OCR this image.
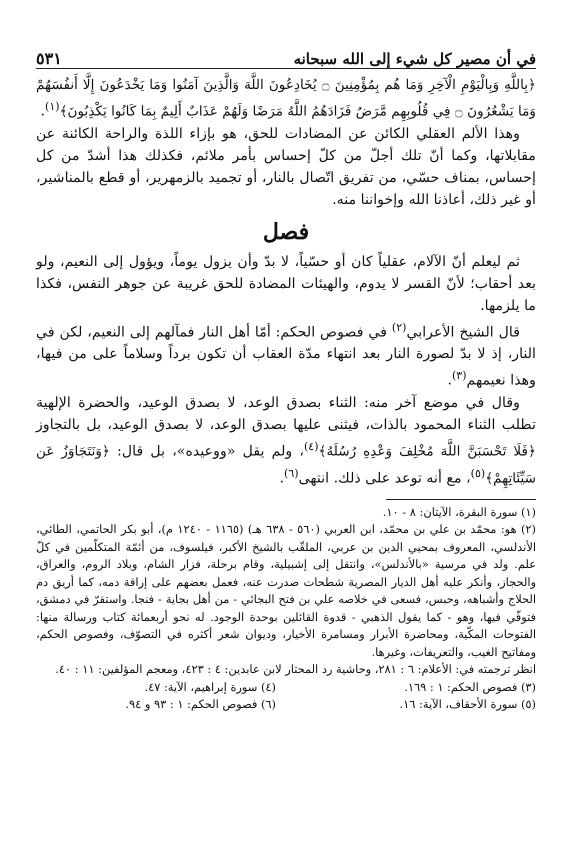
في أن مصير كل شيء إلى الله سبحانه
٥٣١

﴿بِاللَّهِ وَبِالْيَوْمِ الْآخِرِ وَمَا هُم بِمُؤْمِنِينَ ۝ يُخَادِعُونَ اللَّهَ وَالَّذِينَ آمَنُوا وَمَا يَخْدَعُونَ إِلَّا أَنفُسَهُمْ وَمَا يَشْعُرُونَ ۝ فِي قُلُوبِهِم مَّرَضٌ فَزَادَهُمُ اللَّهُ مَرَضًا وَلَهُمْ عَذَابٌ أَلِيمٌ بِمَا كَانُوا يَكْذِبُونَ﴾$^{(١)}$.

وهذا الألم العقلي الكائن عن المضادات للحق، هو بإزاء اللذة والراحة الكائنة عن مقابلاتها، وكما أنّ تلك أجلّ من كلّ إحساس بأمر ملائم، فكذلك هذا أشدّ من كل إحساس، بمناف حسّي، من تفريق اتّصال بالنار، أو تجميد بالزمهرير، أو قطع بالمناشير، أو غير ذلك، أعاذنا الله وإخواننا منه.

فصل

ثم ليعلم أنّ الآلام، عقلياً كان أو حسّياً، لا بدّ وأن يزول يوماً، ويؤول إلى النعيم، ولو بعد أحقاب؛ لأنّ القسر لا يدوم، والهيئات المضادة للحق غريبة عن جوهر النفس، فكذا ما يلزمها.

قال الشيخ الأعرابي$^{(٢)}$ في فصوص الحكم: أمّا أهل النار فمآلهم إلى النعيم، لكن في النار، إذ لا بدّ لصورة النار بعد انتهاء مدّة العقاب أن تكون برداً وسلاماً على من فيها، وهذا نعيمهم$^{(٣)}$.

وقال في موضع آخر منه: الثناء بصدق الوعد، لا بصدق الوعيد، والحضرة الإلهية تطلب الثناء المحمود بالذات، فيثنى عليها بصدق الوعد، لا بصدق الوعيد، بل بالتجاوز ﴿فَلَا تَحْسَبَنَّ اللَّهَ مُخْلِفَ وَعْدِهِ رُسُلَهُ﴾$^{(٤)}$، ولم يقل «ووعيده»، بل قال: ﴿وَنَتَجَاوَزُ عَن سَيِّئَاتِهِمْ﴾$^{(٥)}$، مع أنه توعد على ذلك. انتهى$^{(٦)}$.

(١) سورة البقرة، الآيتان: ٨ - ١٠.

(٢) هو: محمّد بن علي بن محمّد، ابن العربي (٥٦٠ - ٦٣٨ هـ) (١١٦٥ - ١٢٤٠ م)، أبو بكر الحاتمي، الطائي، الأندلسي، المعروف بمحيي الدين بن عربي، الملقّب بالشيخ الأكبر، فيلسوف، من أئمّة المتكلّمين في كلّ علم. ولد في مرسية «بالأندلس»، وانتقل إلى إشبيلية، وقام برحلة، فزار الشام، وبلاد الروم، والعراق، والحجاز، وأنكر عليه أهل الديار المصرية شطحات صدرت عنه، فعمل بعضهم على إراقة دمه، كما أريق دم الحلاج وأشباهه، وحبس، فسعى في خلاصه علي بن فتح البجائي - من أهل بجاية - فنجا. واستقرّ في دمشق، فتوفّي فيها، وهو - كما يقول الذهبي - قدوة القائلين بوحدة الوجود. له نحو أربعمائة كتاب ورسالة منها: الفتوحات المكّية، ومحاضرة الأبرار ومسامرة الأخيار، وديوان شعر أكثره في التصوّف، وفصوص الحكم، ومفاتيح الغيب، والتعريفات، وغيرها.

انظر ترجمته في: الأعلام: ٦ : ٢٨١، وحاشية رد المحتار لابن عابدين: ٤ : ٤٢٣، ومعجم المؤلفين: ١١ : ٤٠.

(٣) فصوص الحكم: ١ : ١٦٩.
(٤) سورة إبراهيم، الآية: ٤٧.
(٥) سورة الأحقاف، الآية: ١٦.
(٦) فصوص الحكم: ١ : ٩٣ و ٩٤.
